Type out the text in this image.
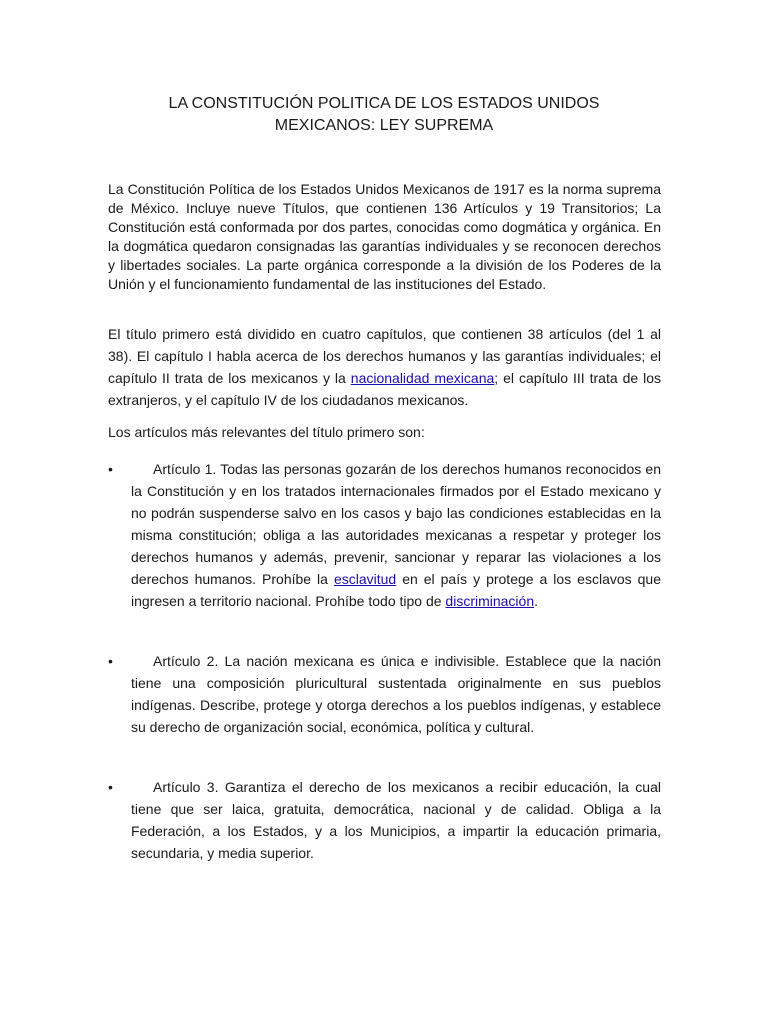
LA CONSTITUCIÓN POLITICA DE LOS ESTADOS UNIDOS MEXICANOS: LEY SUPREMA

La Constitución Política de los Estados Unidos Mexicanos de 1917 es la norma suprema de México. Incluye nueve Títulos, que contienen 136 Artículos y 19 Transitorios; La Constitución está conformada por dos partes, conocidas como dogmática y orgánica. En la dogmática quedaron consignadas las garantías individuales y se reconocen derechos y libertades sociales. La parte orgánica corresponde a la división de los Poderes de la Unión y el funcionamiento fundamental de las instituciones del Estado.

El título primero está dividido en cuatro capítulos, que contienen 38 artículos (del 1 al 38). El capítulo I habla acerca de los derechos humanos y las garantías individuales; el capítulo II trata de los mexicanos y la nacionalidad mexicana; el capítulo III trata de los extranjeros, y el capítulo IV de los ciudadanos mexicanos.

Los artículos más relevantes del título primero son:

•	Artículo 1. Todas las personas gozarán de los derechos humanos reconocidos en la Constitución y en los tratados internacionales firmados por el Estado mexicano y no podrán suspenderse salvo en los casos y bajo las condiciones establecidas en la misma constitución; obliga a las autoridades mexicanas a respetar y proteger los derechos humanos y además, prevenir, sancionar y reparar las violaciones a los derechos humanos. Prohíbe la esclavitud en el país y protege a los esclavos que ingresen a territorio nacional. Prohíbe todo tipo de discriminación.

•	Artículo 2. La nación mexicana es única e indivisible. Establece que la nación tiene una composición pluricultural sustentada originalmente en sus pueblos indígenas. Describe, protege y otorga derechos a los pueblos indígenas, y establece su derecho de organización social, económica, política y cultural.

•	Artículo 3. Garantiza el derecho de los mexicanos a recibir educación, la cual tiene que ser laica, gratuita, democrática, nacional y de calidad. Obliga a la Federación, a los Estados, y a los Municipios, a impartir la educación primaria, secundaria, y media superior.
